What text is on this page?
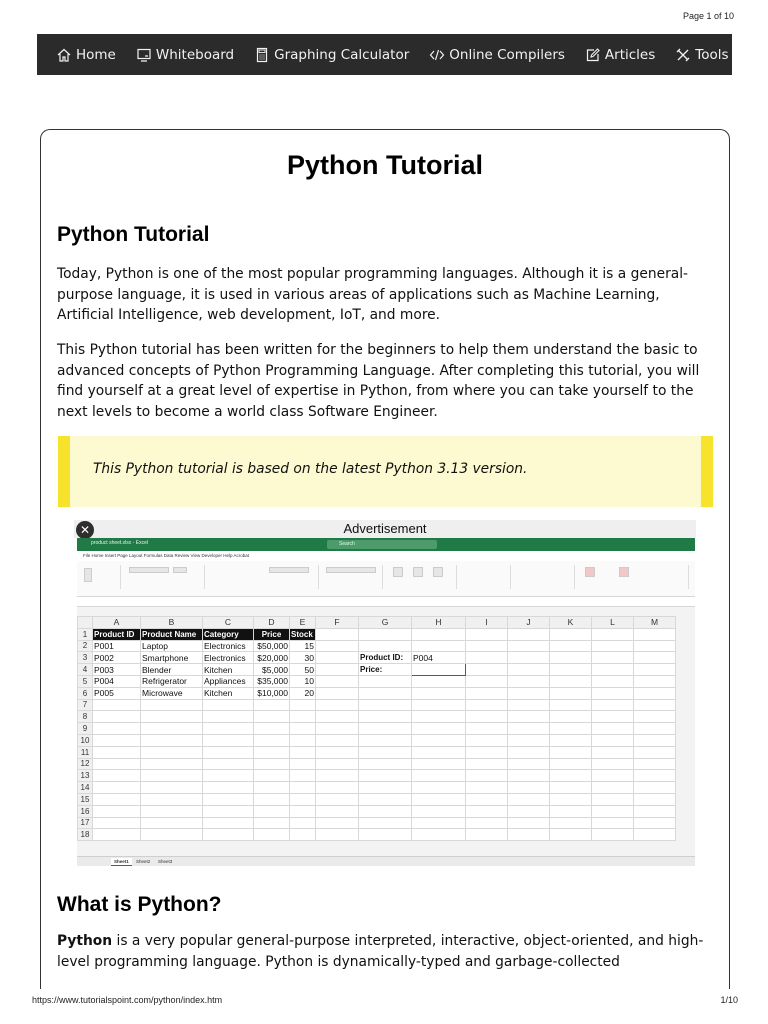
Page 1 of 10
Home	Whiteboard	Graphing Calculator	Online Compilers	Articles	Tools
Python Tutorial
Python Tutorial

Today, Python is one of the most popular programming languages. Although it is a general-purpose language, it is used in various areas of applications such as Machine Learning, Artificial Intelligence, web development, IoT, and more.

This Python tutorial has been written for the beginners to help them understand the basic to advanced concepts of Python Programming Language. After completing this tutorial, you will find yourself at a great level of expertise in Python, from where you can take yourself to the next levels to become a world class Software Engineer.

This Python tutorial is based on the latest Python 3.13 version.
Advertisement
✕
product sheet.xlsx - Excel	Search
File Home Insert Page Layout Formulas Data Review View Developer Help Acrobat
	A	B	C	D	E	F	G	H	I	J	K	L	M
1	Product ID	Product Name	Category	Price	Stock								
2	P001	Laptop	Electronics	$50,000	15								
3	P002	Smartphone	Electronics	$20,000	30		Product ID:	P004					
4	P003	Blender	Kitchen	$5,000	50		Price:						
5	P004	Refrigerator	Appliances	$35,000	10								
6	P005	Microwave	Kitchen	$10,000	20								
7													
8													
9													
10													
11													
12													
13													
14													
15													
16													
17													
18													
Sheet1	Sheet2	Sheet3
What is Python?

Python is a very popular general-purpose interpreted, interactive, object-oriented, and high-level programming language. Python is dynamically-typed and garbage-collected

https://www.tutorialspoint.com/python/index.htm	1/10
